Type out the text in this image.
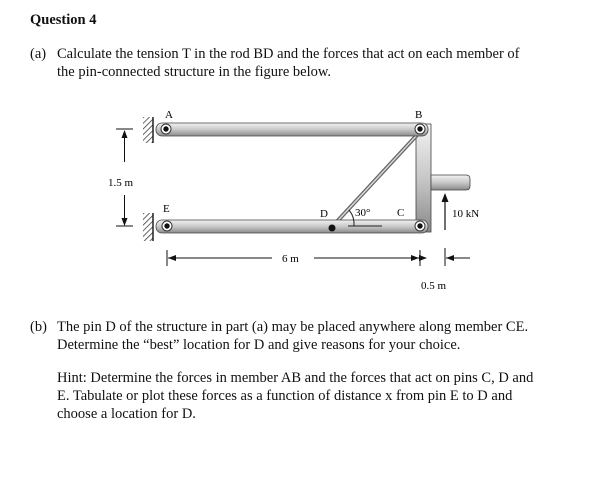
Question 4
(a) Calculate the tension T in the rod BD and the forces that act on each member of
the pin-connected structure in the figure below.
A	B
E	C
D 30°
1.5 m
6 m
0.5 m
10 kN
(b) The pin D of the structure in part (a) may be placed anywhere along member CE.
Determine the “best” location for D and give reasons for your choice.
Hint: Determine the forces in member AB and the forces that act on pins C, D and
E. Tabulate or plot these forces as a function of distance x from pin E to D and
choose a location for D.
